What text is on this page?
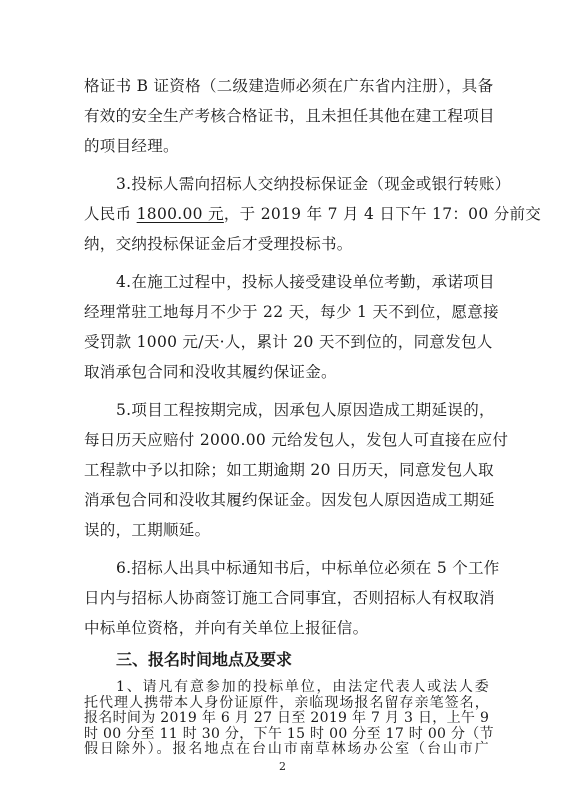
格证书 B 证资格（二级建造师必须在广东省内注册），具备
有效的安全生产考核合格证书，且未担任其他在建工程项目
的项目经理。
3.投标人需向招标人交纳投标保证金（现金或银行转账）
人民币 1800.00 元，于 2019 年 7 月 4 日下午 17：00 分前交
纳，交纳投标保证金后才受理投标书。
4.在施工过程中，投标人接受建设单位考勤，承诺项目
经理常驻工地每月不少于 22 天，每少 1 天不到位，愿意接
受罚款 1000 元/天·人，累计 20 天不到位的，同意发包人
取消承包合同和没收其履约保证金。
5.项目工程按期完成，因承包人原因造成工期延误的，
每日历天应赔付 2000.00 元给发包人，发包人可直接在应付
工程款中予以扣除；如工期逾期 20 日历天，同意发包人取
消承包合同和没收其履约保证金。因发包人原因造成工期延
误的，工期顺延。
6.招标人出具中标通知书后，中标单位必须在 5 个工作
日内与招标人协商签订施工合同事宜，否则招标人有权取消
中标单位资格，并向有关单位上报征信。
三、报名时间地点及要求
1、请凡有意参加的投标单位，由法定代表人或法人委
托代理人携带本人身份证原件，亲临现场报名留存亲笔签名，
报名时间为 2019 年 6 月 27 日至 2019 年 7 月 3 日，上午 9
时 00 分至 11 时 30 分，下午 15 时 00 分至 17 时 00 分（节
假日除外）。报名地点在台山市南草林场办公室（台山市广
2
